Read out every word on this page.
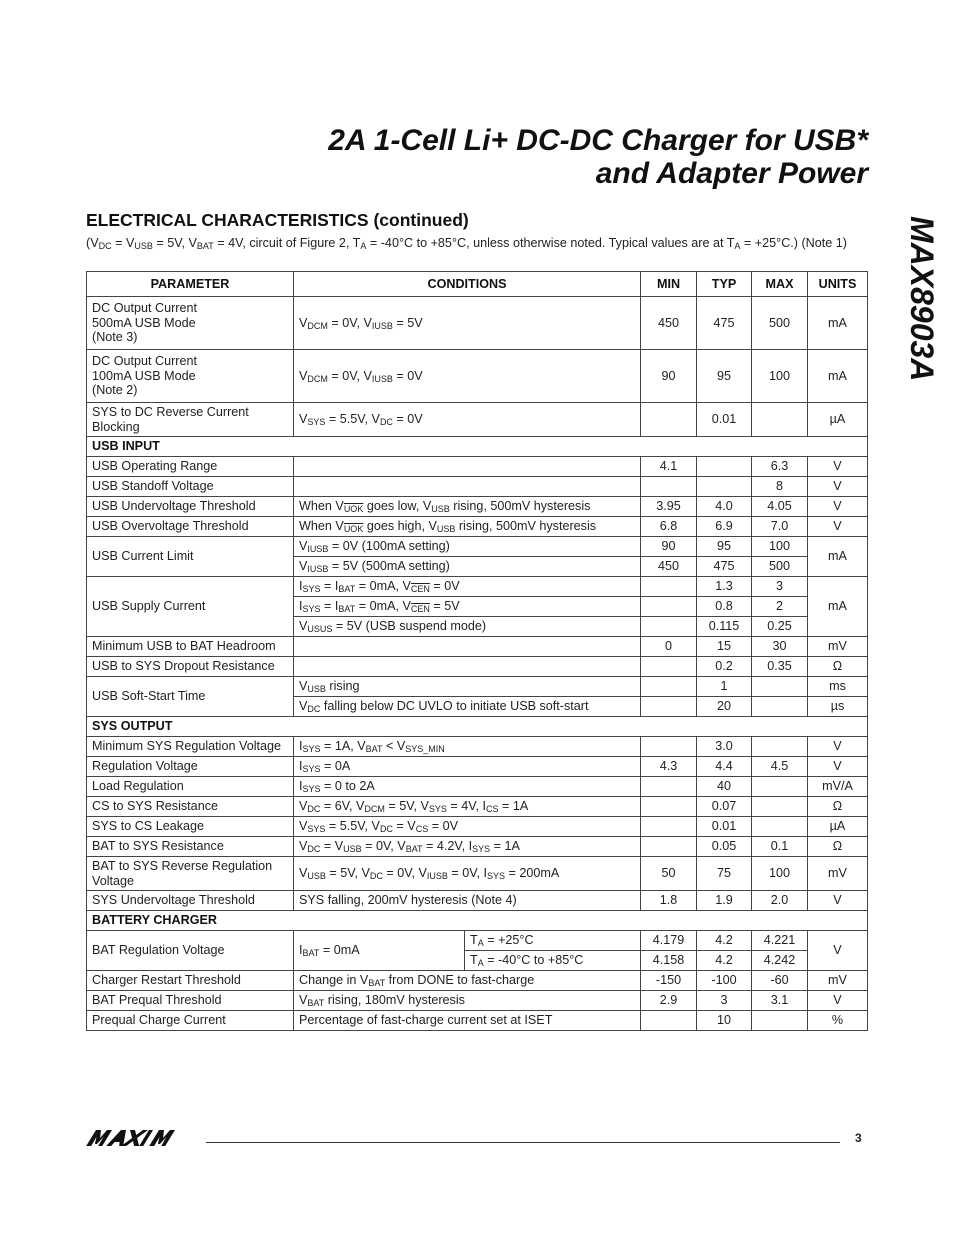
2A 1-Cell Li+ DC-DC Charger for USB*
and Adapter Power
MAX8903A
ELECTRICAL CHARACTERISTICS (continued)
($V_{DC} = V_{USB} = 5V$, $V_{BAT} = 4V$, circuit of Figure 2, $T_A = -40^\circ C$ to +85°C, unless otherwise noted. Typical values are at $T_A = +25^\circ C$.) (Note 1)
PARAMETER	CONDITIONS		MIN	TYP	MAX	UNITS

DC Output Current
500mA USB Mode
(Note 3)	$V_{DCM} = 0V$, $V_{IUSB} = 5V$		450	475	500	mA

DC Output Current
100mA USB Mode
(Note 2)	$V_{DCM} = 0V$, $V_{IUSB} = 0V$		90	95	100	mA

SYS to DC Reverse Current
Blocking	$V_{SYS} = 5.5V$, $V_{DC} = 0V$			0.01		µA
USB INPUT						
USB Operating Range			4.1		6.3	V
USB Standoff Voltage					8	V
USB Undervoltage Threshold	When $V_{\overline{UOK}}$ goes low, $V_{USB}$ rising, 500mV hysteresis		3.95	4.0	4.05	V
USB Overvoltage Threshold	When $V_{\overline{UOK}}$ goes high, $V_{USB}$ rising, 500mV hysteresis		6.8	6.9	7.0	V
USB Current Limit	$V_{IUSB} = 0V$ (100mA setting)		90	95	100	mA
	$V_{IUSB} = 5V$ (500mA setting)		450	475	500	
USB Supply Current	$I_{SYS} = I_{BAT} = 0mA$, $V_{\overline{CEN}} = 0V$			1.3	3	mA
	$I_{SYS} = I_{BAT} = 0mA$, $V_{\overline{CEN}} = 5V$			0.8	2	
	$V_{USUS} = 5V$ (USB suspend mode)			0.115	0.25	
Minimum USB to BAT Headroom			0	15	30	mV
USB to SYS Dropout Resistance				0.2	0.35	Ω
USB Soft-Start Time	$V_{USB}$ rising			1		ms
	$V_{DC}$ falling below DC UVLO to initiate USB soft-start			20		µs
SYS OUTPUT						
Minimum SYS Regulation Voltage	$I_{SYS} = 1A$, $V_{BAT} < V_{SYS\_MIN}$			3.0		V
Regulation Voltage	$I_{SYS} = 0A$		4.3	4.4	4.5	V
Load Regulation	$I_{SYS} = 0$ to 2A			40		mV/A
CS to SYS Resistance	$V_{DC} = 6V$, $V_{DCM} = 5V$, $V_{SYS} = 4V$, $I_{CS} = 1A$			0.07		Ω
SYS to CS Leakage	$V_{SYS} = 5.5V$, $V_{DC} = V_{CS} = 0V$			0.01		µA
BAT to SYS Resistance	$V_{DC} = V_{USB} = 0V$, $V_{BAT} = 4.2V$, $I_{SYS} = 1A$			0.05	0.1	Ω

BAT to SYS Reverse Regulation
Voltage	$V_{USB} = 5V$, $V_{DC} = 0V$, $V_{IUSB} = 0V$, $I_{SYS} = 200mA$		50	75	100	mV
SYS Undervoltage Threshold	SYS falling, 200mV hysteresis (Note 4)		1.8	1.9	2.0	V
BATTERY CHARGER						
BAT Regulation Voltage	$I_{BAT} = 0mA$	$T_A = +25^\circ C$	4.179	4.2	4.221	V
		$T_A = -40^\circ C$ to +85°C	4.158	4.2	4.242	
Charger Restart Threshold	Change in $V_{BAT}$ from DONE to fast-charge		-150	-100	-60	mV
BAT Prequal Threshold	$V_{BAT}$ rising, 180mV hysteresis		2.9	3	3.1	V
Prequal Charge Current	Percentage of fast-charge current set at ISET			10		%
3
